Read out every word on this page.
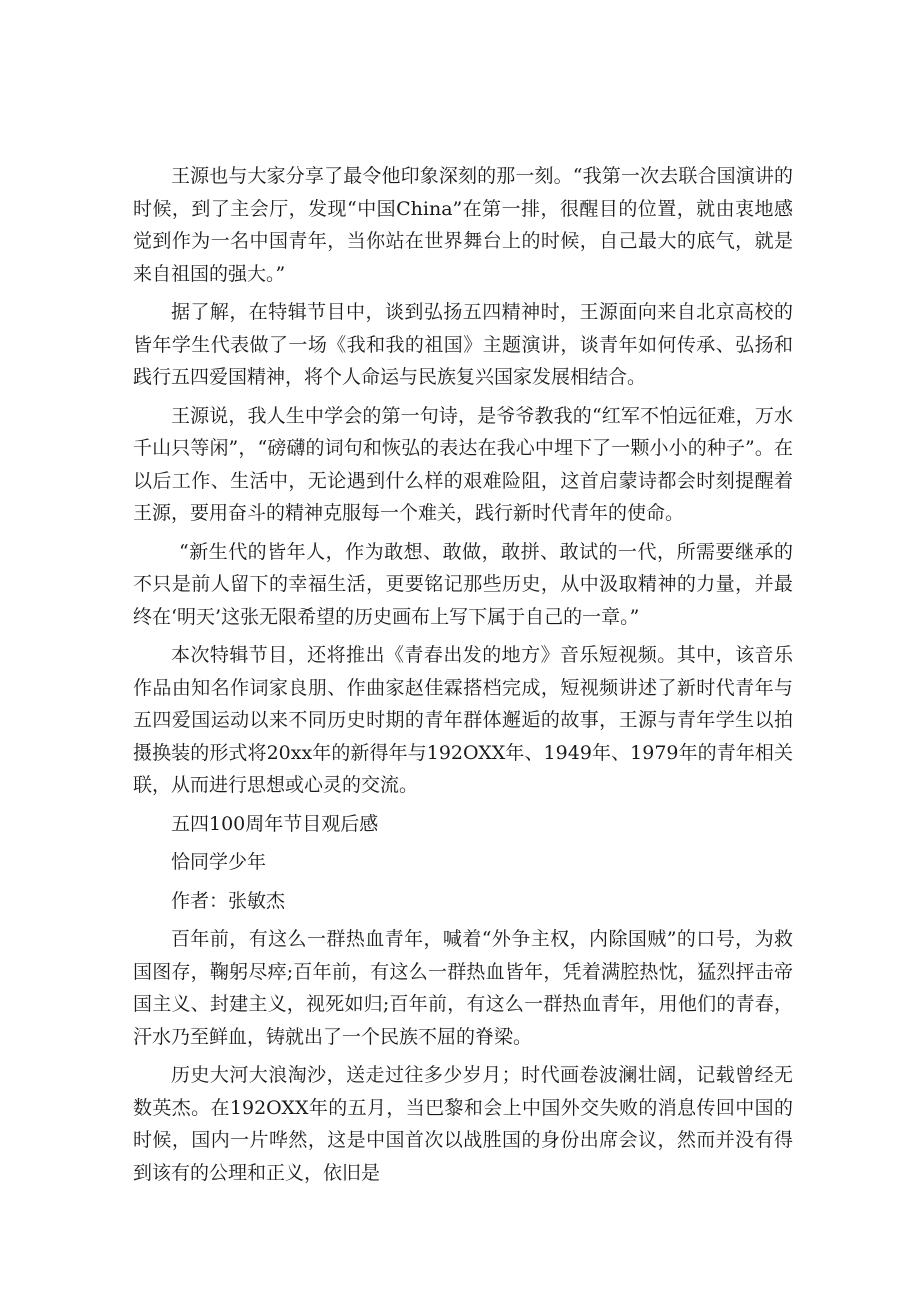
王源也与大家分享了最令他印象深刻的那一刻。“我第一次去联合国演讲的时候，到了主会厅，发现“中国China”在第一排，很醒目的位置，就由衷地感觉到作为一名中国青年，当你站在世界舞台上的时候，自己最大的底气，就是来自祖国的强大。”

据了解，在特辑节目中，谈到弘扬五四精神时，王源面向来自北京高校的皆年学生代表做了一场《我和我的祖国》主题演讲，谈青年如何传承、弘扬和践行五四爱国精神，将个人命运与民族复兴国家发展相结合。

王源说，我人生中学会的第一句诗，是爷爷教我的“红军不怕远征难，万水千山只等闲”，“磅礴的词句和恢弘的表达在我心中埋下了一颗小小的种子”。在以后工作、生活中，无论遇到什么样的艰难险阻，这首启蒙诗都会时刻提醒着王源，要用奋斗的精神克服每一个难关，践行新时代青年的使命。

“新生代的皆年人，作为敢想、敢做，敢拼、敢试的一代，所需要继承的不只是前人留下的幸福生活，更要铭记那些历史，从中汲取精神的力量，并最终在‘明天’这张无限希望的历史画布上写下属于自己的一章。”

本次特辑节目，还将推出《青春出发的地方》音乐短视频。其中，该音乐作品由知名作词家良朋、作曲家赵佳霖搭档完成，短视频讲述了新时代青年与五四爱国运动以来不同历史时期的青年群体邂逅的故事，王源与青年学生以拍摄换装的形式将20xx年的新得年与192OXX年、1949年、1979年的青年相关联，从而进行思想或心灵的交流。

五四100周年节目观后感

恰同学少年

作者：张敏杰

百年前，有这么一群热血青年，喊着“外争主权，内除国贼”的口号，为救国图存，鞠躬尽瘁;百年前，有这么一群热血皆年，凭着满腔热忱，猛烈抨击帝国主义、封建主义，视死如归;百年前，有这么一群热血青年，用他们的青春，汗水乃至鲜血，铸就出了一个民族不屈的脊梁。

历史大河大浪淘沙，送走过往多少岁月；时代画卷波澜壮阔，记载曾经无数英杰。在192OXX年的五月，当巴黎和会上中国外交失败的消息传回中国的时候，国内一片哗然，这是中国首次以战胜国的身份出席会议，然而并没有得到该有的公理和正义，依旧是
